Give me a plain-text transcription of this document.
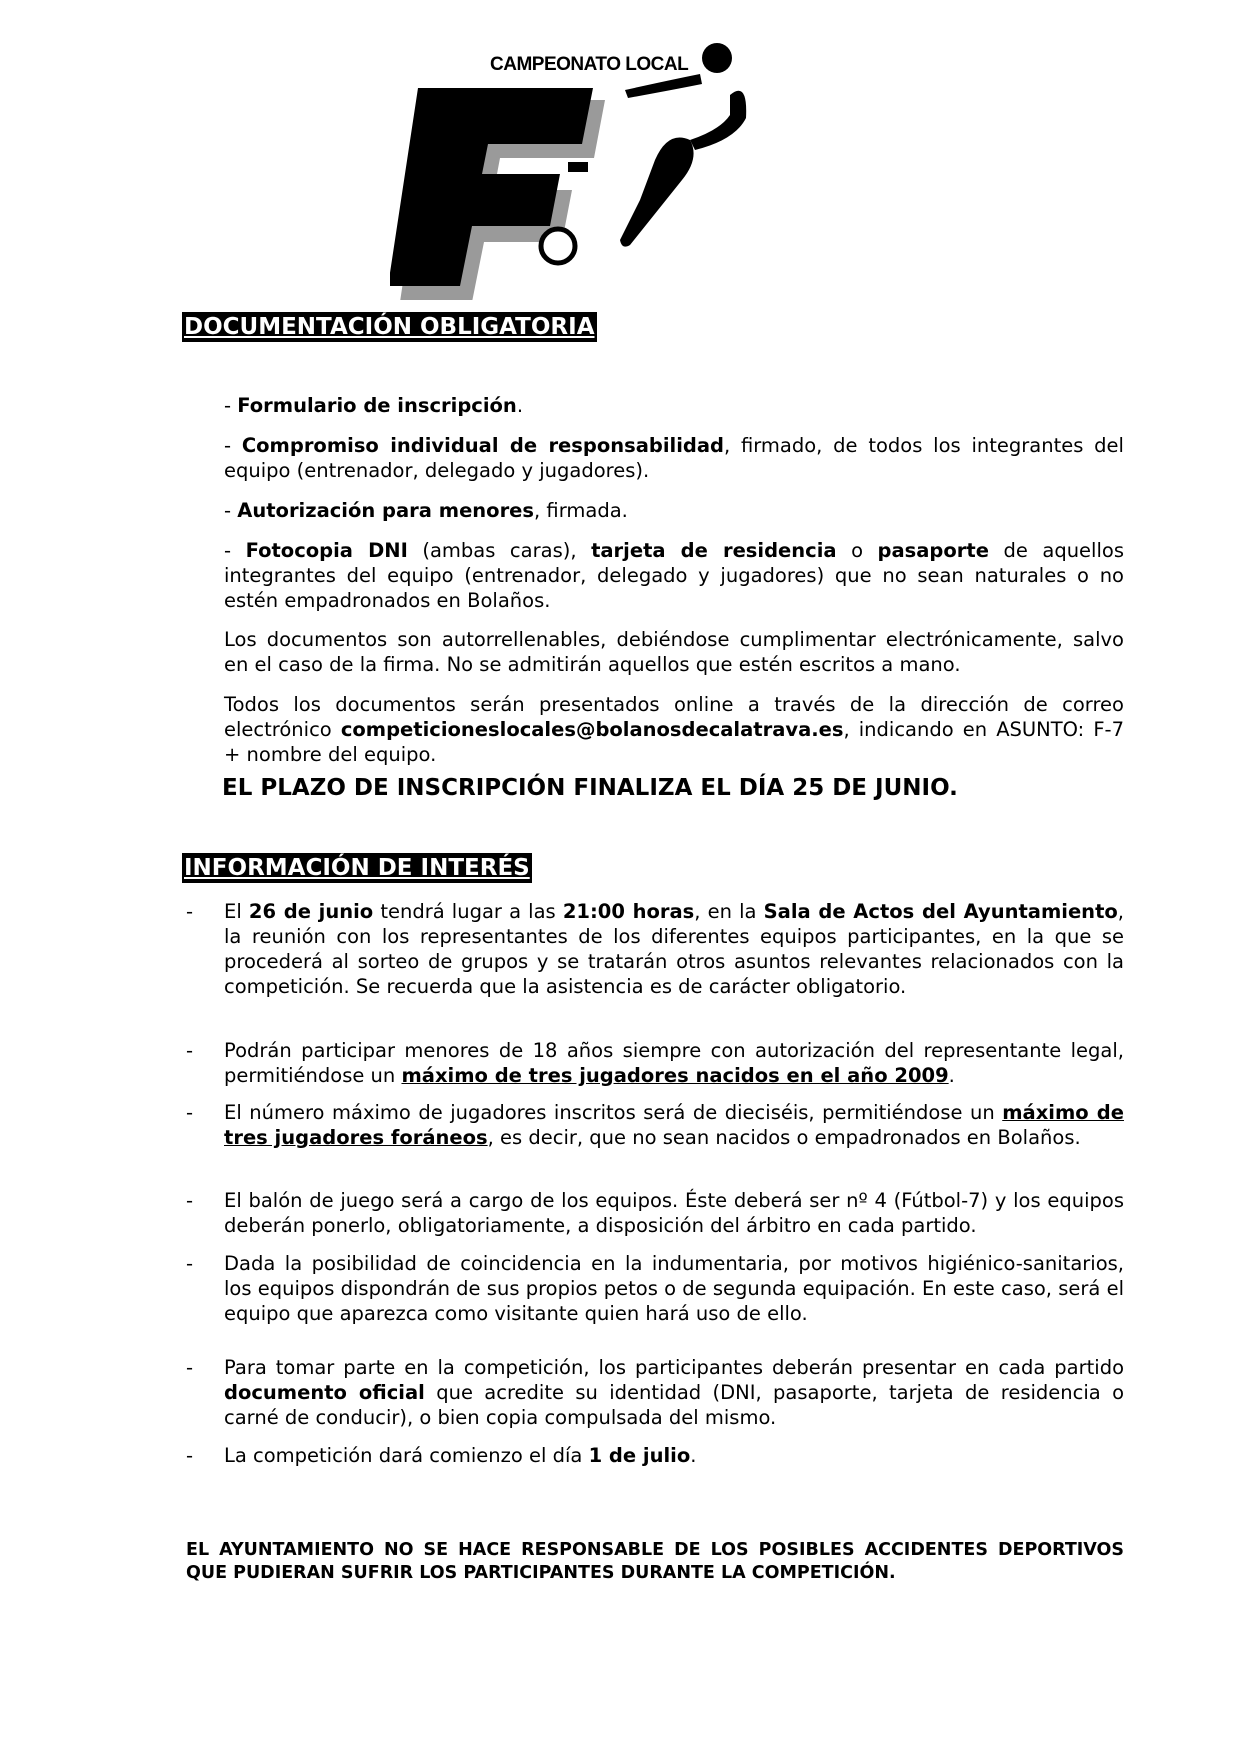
CAMPEONATO LOCAL
DOCUMENTACIÓN OBLIGATORIA

- Formulario de inscripción.

- Compromiso individual de responsabilidad, firmado, de todos los integrantes del equipo (entrenador, delegado y jugadores).

- Autorización para menores, firmada.

- Fotocopia DNI (ambas caras), tarjeta de residencia o pasaporte de aquellos integrantes del equipo (entrenador, delegado y jugadores) que no sean naturales o no estén empadronados en Bolaños.

Los documentos son autorrellenables, debiéndose cumplimentar electrónicamente, salvo en el caso de la firma. No se admitirán aquellos que estén escritos a mano.

Todos los documentos serán presentados online a través de la dirección de correo electrónico competicioneslocales@bolanosdecalatrava.es, indicando en ASUNTO: F-7 + nombre del equipo.

EL PLAZO DE INSCRIPCIÓN FINALIZA EL DÍA 25 DE JUNIO.
INFORMACIÓN DE INTERÉS
- El 26 de junio tendrá lugar a las 21:00 horas, en la Sala de Actos del Ayuntamiento, la reunión con los representantes de los diferentes equipos participantes, en la que se procederá al sorteo de grupos y se tratarán otros asuntos relevantes relacionados con la competición. Se recuerda que la asistencia es de carácter obligatorio.

- Podrán participar menores de 18 años siempre con autorización del representante legal, permitiéndose un máximo de tres jugadores nacidos en el año 2009.

- El número máximo de jugadores inscritos será de dieciséis, permitiéndose un máximo de tres jugadores foráneos, es decir, que no sean nacidos o empadronados en Bolaños.

- El balón de juego será a cargo de los equipos. Éste deberá ser nº 4 (Fútbol-7) y los equipos deberán ponerlo, obligatoriamente, a disposición del árbitro en cada partido.

- Dada la posibilidad de coincidencia en la indumentaria, por motivos higiénico-sanitarios, los equipos dispondrán de sus propios petos o de segunda equipación. En este caso, será el equipo que aparezca como visitante quien hará uso de ello.

- Para tomar parte en la competición, los participantes deberán presentar en cada partido documento oficial que acredite su identidad (DNI, pasaporte, tarjeta de residencia o carné de conducir), o bien copia compulsada del mismo.

- La competición dará comienzo el día 1 de julio.

EL AYUNTAMIENTO NO SE HACE RESPONSABLE DE LOS POSIBLES ACCIDENTES DEPORTIVOS QUE PUDIERAN SUFRIR LOS PARTICIPANTES DURANTE LA COMPETICIÓN.
